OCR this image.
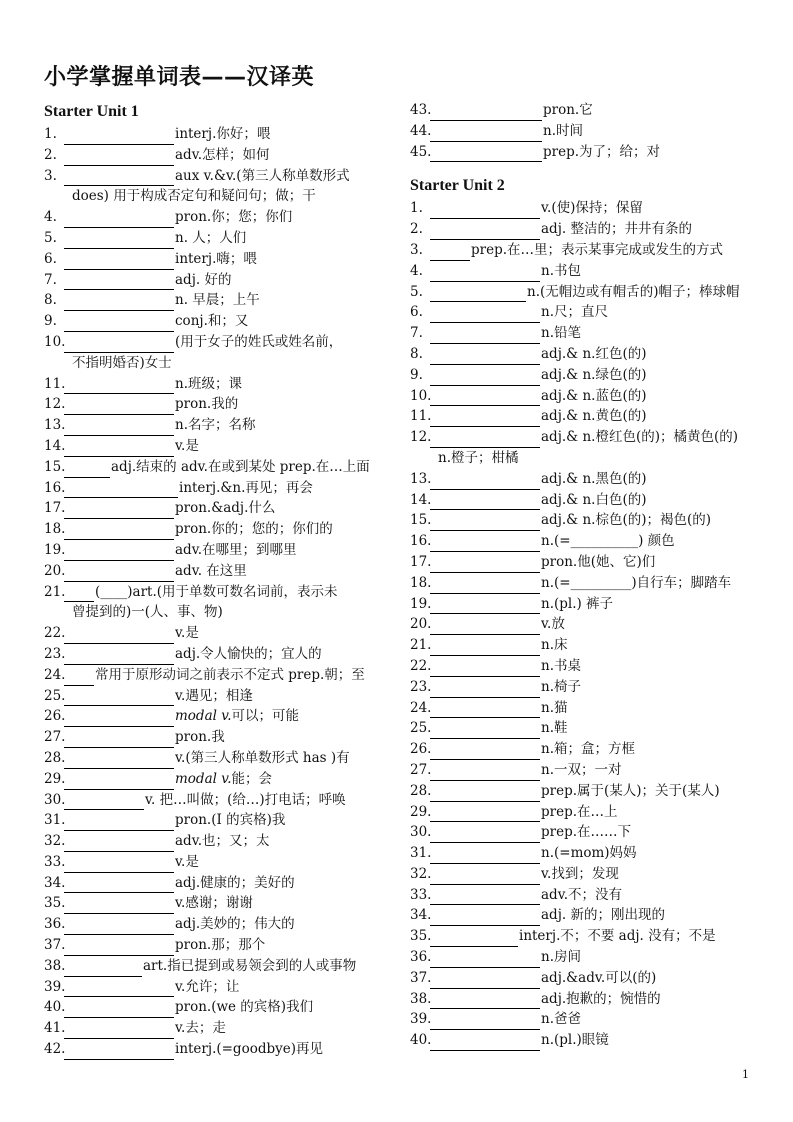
小学掌握单词表——汉译英
Starter Unit 1
1.	interj.你好；喂
2.	adv.怎样；如何
3.	aux v.&v.(第三人称单数形式
does) 用于构成否定句和疑问句；做；干
4.	pron.你；您；你们
5.	n. 人；人们
6.	interj.嗨；喂
7.	adj. 好的
8.	n. 早晨；上午
9.	conj.和；又
10.	(用于女子的姓氏或姓名前，
不指明婚否)女士
11.	n.班级；课
12.	pron.我的
13.	n.名字；名称
14.	v.是
15.	adj.结束的 adv.在或到某处 prep.在…上面
16.	interj.&n.再见；再会
17.	pron.&adj.什么
18.	pron.你的；您的；你们的
19.	adv.在哪里；到哪里
20.	adv. 在这里
21. (____)art.(用于单数可数名词前，表示未
曾提到的)一(人、事、物)
22.	v.是
23.	adj.令人愉快的；宜人的
24. 常用于原形动词之前表示不定式 prep.朝；至
25.	v.遇见；相逢
26.	modal v.可以；可能
27.	pron.我
28.	v.(第三人称单数形式 has )有
29.	modal v.能；会
30.	v. 把…叫做；(给…)打电话；呼唤
31.	pron.(I 的宾格)我
32.	adv.也；又；太
33.	v.是
34.	adj.健康的；美好的
35.	v.感谢；谢谢
36.	adj.美妙的；伟大的
37.	pron.那；那个
38.	art.指已提到或易领会到的人或事物
39.	v.允许；让
40.	pron.(we 的宾格)我们
41.	v.去；走
42.	interj.(=goodbye)再见
43.	pron.它
44.	n.时间
45.	prep.为了；给；对
Starter Unit 2
1.	v.(使)保持；保留
2.	adj. 整洁的；井井有条的
3.	prep.在…里；表示某事完成或发生的方式
4.	n.书包
5.	n.(无帽边或有帽舌的)帽子；棒球帽
6.	n.尺；直尺
7.	n.铅笔
8.	adj.& n.红色(的)
9.	adj.& n.绿色(的)
10.	adj.& n.蓝色(的)
11.	adj.& n.黄色(的)
12.	adj.& n.橙红色(的)；橘黄色(的)
n.橙子；柑橘
13.	adj.& n.黑色(的)
14.	adj.& n.白色(的)
15.	adj.& n.棕色(的)；褐色(的)
16.	n.(=__________) 颜色
17.	pron.他(她、它)们
18.	n.(=_________)自行车；脚踏车
19.	n.(pl.) 裤子
20.	v.放
21.	n.床
22.	n.书桌
23.	n.椅子
24.	n.猫
25.	n.鞋
26.	n.箱；盒；方框
27.	n.一双；一对
28.	prep.属于(某人)；关于(某人)
29.	prep.在…上
30.	prep.在……下
31.	n.(=mom)妈妈
32.	v.找到；发现
33.	adv.不；没有
34.	adj. 新的；刚出现的
35.	interj.不；不要 adj. 没有；不是
36.	n.房间
37.	adj.&adv.可以(的)
38.	adj.抱歉的；惋惜的
39.	n.爸爸
40.	n.(pl.)眼镜
1
